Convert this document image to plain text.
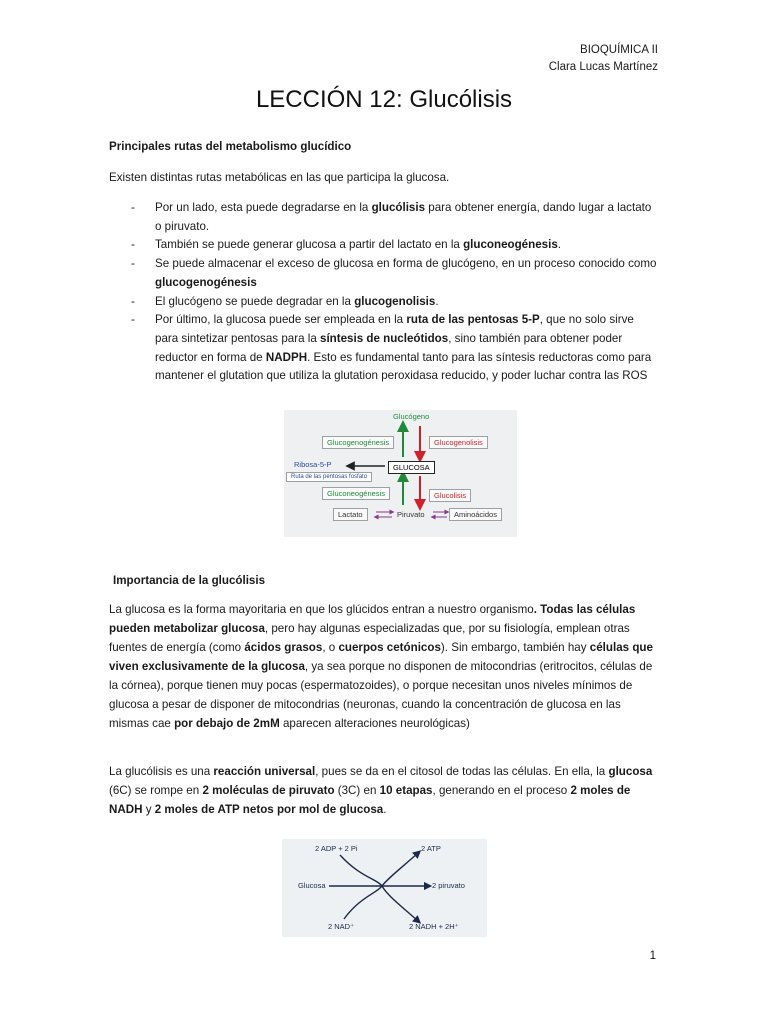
BIOQUÍMICA II
Clara Lucas Martínez
LECCIÓN 12: Glucólisis
Principales rutas del metabolismo glucídico
Existen distintas rutas metabólicas en las que participa la glucosa.
- Por un lado, esta puede degradarse en la glucólisis para obtener energía, dando lugar a lactato o piruvato.
- También se puede generar glucosa a partir del lactato en la gluconeogénesis.
- Se puede almacenar el exceso de glucosa en forma de glucógeno, en un proceso conocido como glucogenogénesis
- El glucógeno se puede degradar en la glucogenolisis.
- Por último, la glucosa puede ser empleada en la ruta de las pentosas 5-P, que no solo sirve para sintetizar pentosas para la síntesis de nucleótidos, sino también para obtener poder reductor en forma de NADPH. Esto es fundamental tanto para las síntesis reductoras como para mantener el glutation que utiliza la glutation peroxidasa reducido, y poder luchar contra las ROS
Glucógeno
Glucogenogénesis	Glucogenolisis
Ribosa-5-P
Ruta de las pentosas fosfato
GLUCOSA
Gluconeogénesis	Glucolisis
Lactato	Piruvato	Aminoácidos
Importancia de la glucólisis
La glucosa es la forma mayoritaria en que los glúcidos entran a nuestro organismo. Todas las células pueden metabolizar glucosa, pero hay algunas especializadas que, por su fisiología, emplean otras fuentes de energía (como ácidos grasos, o cuerpos cetónicos). Sin embargo, también hay células que viven exclusivamente de la glucosa, ya sea porque no disponen de mitocondrias (eritrocitos, células de la córnea), porque tienen muy pocas (espermatozoides), o porque necesitan unos niveles mínimos de glucosa a pesar de disponer de mitocondrias (neuronas, cuando la concentración de glucosa en las mismas cae por debajo de 2mM aparecen alteraciones neurológicas)
La glucólisis es una reacción universal, pues se da en el citosol de todas las células. En ella, la glucosa (6C) se rompe en 2 moléculas de piruvato (3C) en 10 etapas, generando en el proceso 2 moles de NADH y 2 moles de ATP netos por mol de glucosa.
2 ADP + 2 Pi	2 ATP
Glucosa	2 piruvato
2 NAD⁺	2 NADH + 2H⁺
1
